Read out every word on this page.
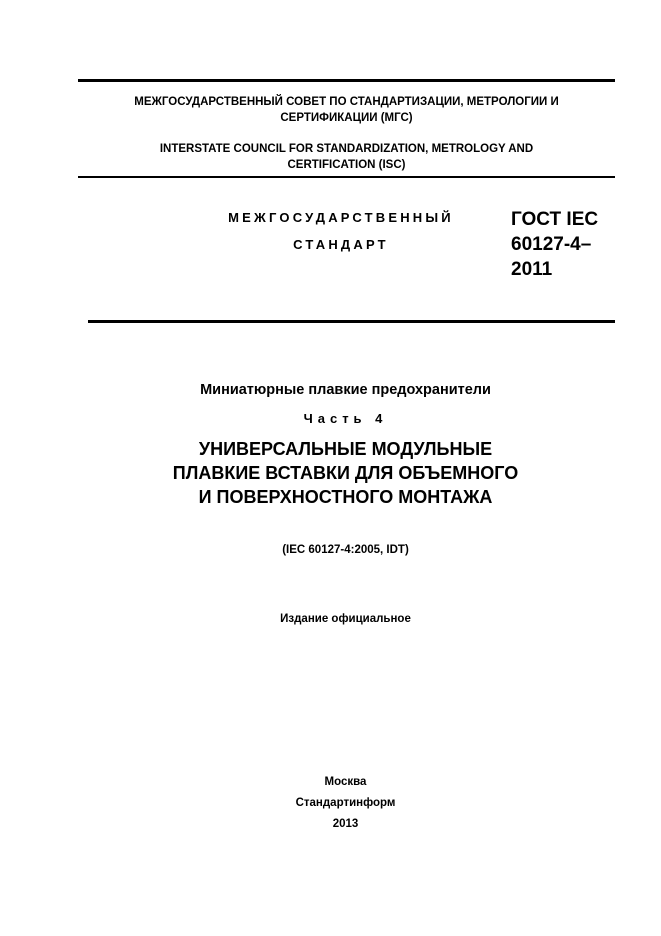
МЕЖГОСУДАРСТВЕННЫЙ СОВЕТ ПО СТАНДАРТИЗАЦИИ, МЕТРОЛОГИИ И
СЕРТИФИКАЦИИ (МГС)

INTERSTATE COUNCIL FOR STANDARDIZATION, METROLOGY AND
CERTIFICATION (ISC)

МЕЖГОСУДАРСТВЕННЫЙ
СТАНДАРТ

ГОСТ IEC
60127-4–
2011

Миниатюрные плавкие предохранители

Часть 4

УНИВЕРСАЛЬНЫЕ МОДУЛЬНЫЕ
ПЛАВКИЕ ВСТАВКИ ДЛЯ ОБЪЕМНОГО
И ПОВЕРХНОСТНОГО МОНТАЖА

(IEC 60127-4:2005, IDT)

Издание официальное

Москва

Стандартинформ

2013
